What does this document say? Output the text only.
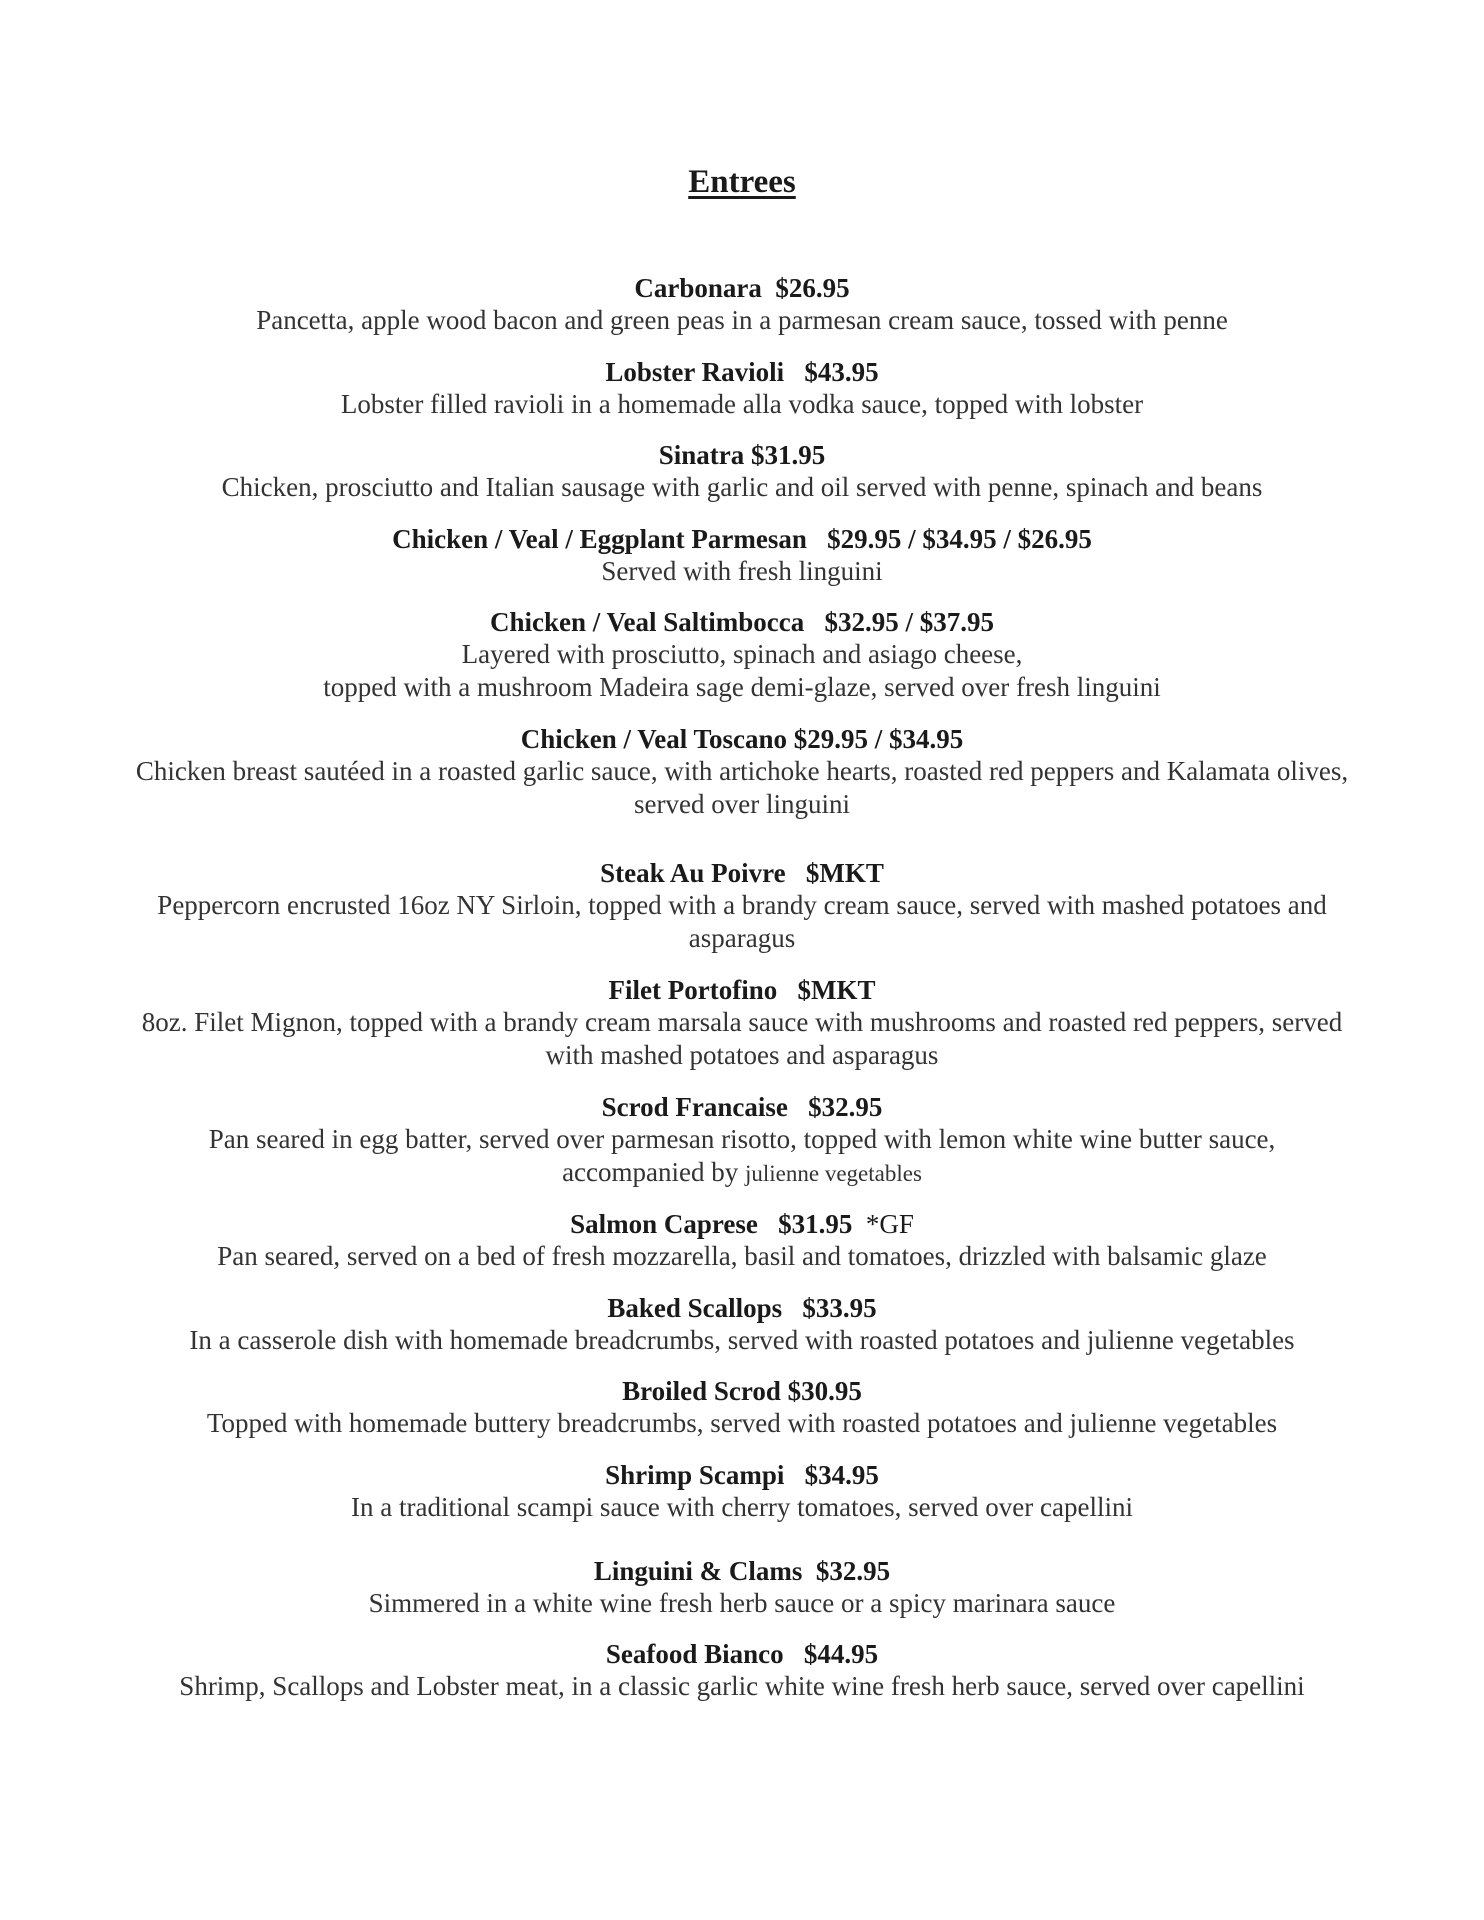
Entrees
Carbonara  $26.95
Pancetta, apple wood bacon and green peas in a parmesan cream sauce, tossed with penne
Lobster Ravioli   $43.95
Lobster filled ravioli in a homemade alla vodka sauce, topped with lobster
Sinatra $31.95
Chicken, prosciutto and Italian sausage with garlic and oil served with penne, spinach and beans
Chicken / Veal / Eggplant Parmesan   $29.95 / $34.95 / $26.95
Served with fresh linguini
Chicken / Veal Saltimbocca   $32.95 / $37.95
Layered with prosciutto, spinach and asiago cheese,
topped with a mushroom Madeira sage demi-glaze, served over fresh linguini
Chicken / Veal Toscano $29.95 / $34.95
Chicken breast sautéed in a roasted garlic sauce, with artichoke hearts, roasted red peppers and Kalamata olives,
served over linguini
Steak Au Poivre   $MKT
Peppercorn encrusted 16oz NY Sirloin, topped with a brandy cream sauce, served with mashed potatoes and
asparagus
Filet Portofino   $MKT
8oz. Filet Mignon, topped with a brandy cream marsala sauce with mushrooms and roasted red peppers, served
with mashed potatoes and asparagus
Scrod Francaise   $32.95
Pan seared in egg batter, served over parmesan risotto, topped with lemon white wine butter sauce,
accompanied by julienne vegetables
Salmon Caprese   $31.95  *GF
Pan seared, served on a bed of fresh mozzarella, basil and tomatoes, drizzled with balsamic glaze
Baked Scallops   $33.95
In a casserole dish with homemade breadcrumbs, served with roasted potatoes and julienne vegetables
Broiled Scrod $30.95
Topped with homemade buttery breadcrumbs, served with roasted potatoes and julienne vegetables
Shrimp Scampi   $34.95
In a traditional scampi sauce with cherry tomatoes, served over capellini
Linguini & Clams  $32.95
Simmered in a white wine fresh herb sauce or a spicy marinara sauce
Seafood Bianco   $44.95
Shrimp, Scallops and Lobster meat, in a classic garlic white wine fresh herb sauce, served over capellini
